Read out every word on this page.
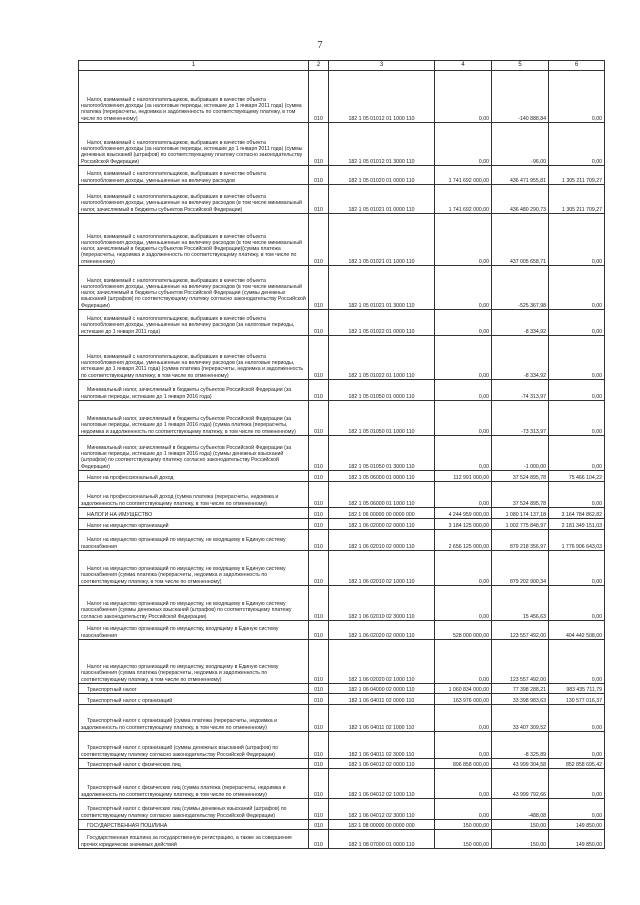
7
1	2	3	4	5	6

Налог, взимаемый с налогоплательщиков, выбравших в качестве объекта налогообложения доходы (за налоговые периоды, истекшие до 1 января 2011 года) (сумма платежа (перерасчеты, недоимка и задолженность по соответствующему платежу, в том числе по отмененному)	010	182 1 05 01012 01 1000 110	0,00	-140 888,84	0,00

Налог, взимаемый с налогоплательщиков, выбравших в качестве объекта налогообложения доходы (за налоговые периоды, истекшие до 1 января 2011 года) (суммы денежных взысканий (штрафов) по соответствующему платежу согласно законодательству Российской Федерации)	010	182 1 05 01012 01 3000 110	0,00	-96,00	0,00

Налог, взимаемый с налогоплательщиков, выбравших в качестве объекта налогообложения доходы, уменьшенные на величину расходов	010	182 1 05 01020 01 0000 110	1 741 692 000,00	436 471 955,81	1 305 211 709,27

Налог, взимаемый с налогоплательщиков, выбравших в качестве объекта налогообложения доходы, уменьшенные на величину расходов (в том числе минимальный налог, зачисляемый в бюджеты субъектов Российской Федерации)	010	182 1 05 01021 01 0000 110	1 741 692 000,00	436 480 290,73	1 305 211 709,27

Налог, взимаемый с налогоплательщиков, выбравших в качестве объекта налогообложения доходы, уменьшенные на величину расходов (в том числе минимальный налог, зачисляемый в бюджеты субъектов Российской Федерации)(сумма платежа (перерасчеты, недоимка и задолженность по соответствующему платежу, в том числе по отмененному)	010	182 1 05 01021 01 1000 110	0,00	437 005 658,71	0,00

Налог, взимаемый с налогоплательщиков, выбравших в качестве объекта налогообложения доходы, уменьшенные на величину расходов (в том числе минимальный налог, зачисляемый в бюджеты субъектов Российской Федерации (суммы денежных взысканий (штрафов) по соответствующему платежу согласно законодательству Российской Федерации)	010	182 1 05 01021 01 3000 110	0,00	-525 367,98	0,00

Налог, взимаемый с налогоплательщиков, выбравших в качестве объекта налогообложения доходы, уменьшенные на величину расходов (за налоговые периоды, истекшие до 1 января 2011 года)	010	182 1 05 01022 01 0000 110	0,00	-8 334,92	0,00

Налог, взимаемый с налогоплательщиков, выбравших в качестве объекта налогообложения доходы, уменьшенные на величину расходов (за налоговые периоды, истекшие до 1 января 2011 года) (сумма платежа (перерасчеты, недоимка и задолженность по соответствующему платежу, в том числе по отмененному)	010	182 1 05 01022 01 1000 110	0,00	-8 334,92	0,00

Минимальный налог, зачисляемый в бюджеты субъектов Российской Федерации (за налоговые периоды, истекшие до 1 января 2016 года)	010	182 1 05 01050 01 0000 110	0,00	-74 313,97	0,00

Минимальный налог, зачисляемый в бюджеты субъектов Российской Федерации (за налоговые периоды, истекшие до 1 января 2016 года) (сумма платежа (перерасчеты, недоимка и задолженность по соответствующему платежу, в том числе по отмененному)	010	182 1 05 01050 01 1000 110	0,00	-73 313,97	0,00

Минимальный налог, зачисляемый в бюджеты субъектов Российской Федерации (за налоговые периоды, истекшие до 1 января 2016 года) (суммы денежных взысканий (штрафов) по соответствующему платежу согласно законодательству Российской Федерации)	010	182 1 05 01050 01 3000 110	0,00	-1 000,00	0,00

Налог на профессиональный доход	010	182 1 05 06000 01 0000 110	112 991 000,00	37 524 895,78	75 466 104,22

Налог на профессиональный доход (сумма платежа (перерасчеты, недоимка и задолженность по соответствующему платежу, в том числе по отмененному)	010	182 1 05 06000 01 1000 110	0,00	37 524 895,78	0,00

НАЛОГИ НА ИМУЩЕСТВО	010	182 1 06 00000 00 0000 000	4 244 959 000,00	1 080 174 137,18	3 164 784 862,82

Налог на имущество организаций	010	182 1 06 02000 02 0000 110	3 184 125 000,00	1 002 775 848,97	2 181 349 151,03

Налог на имущество организаций по имуществу, не входящему в Единую систему газоснабжения	010	182 1 06 02010 02 0000 110	2 656 125 000,00	879 218 356,97	1 776 906 643,03

Налог на имущество организаций по имуществу, не входящему в Единую систему газоснабжения (сумма платежа (перерасчеты, недоимка и задолженность по соответствующему платежу, в том числе по отмененному)	010	182 1 06 02010 02 1000 110	0,00	879 202 900,34	0,00

Налог на имущество организаций по имуществу, не входящему в Единую систему газоснабжения (суммы денежных взысканий (штрафов) по соответствующему платежу согласно законодательству Российской Федерации)	010	182 1 06 02010 02 3000 110	0,00	15 456,63	0,00

Налог на имущество организаций по имуществу, входящему в Единую систему газоснабжения	010	182 1 06 02020 02 0000 110	528 000 000,00	123 557 492,00	404 442 508,00

Налог на имущество организаций по имуществу, входящему в Единую систему газоснабжения (сумма платежа (перерасчеты, недоимка и задолженность по соответствующему платежу, в том числе по отмененному)	010	182 1 06 02020 02 1000 110	0,00	123 557 492,00	0,00

Транспортный налог	010	182 1 06 04000 02 0000 110	1 060 834 000,00	77 398 288,21	983 435 711,79

Транспортный налог с организаций	010	182 1 06 04011 02 0000 110	163 976 000,00	33 398 983,63	130 577 016,37

Транспортный налог с организаций (сумма платежа (перерасчеты, недоимка и задолженность по соответствующему платежу, в том числе по отмененному)	010	182 1 06 04011 02 1000 110	0,00	33 407 309,52	0,00

Транспортный налог с организаций (суммы денежных взысканий (штрафов) по соответствующему платежу согласно законодательству Российской Федерации)	010	182 1 06 04011 02 3000 110	0,00	-8 325,89	0,00

Транспортный налог с физических лиц	010	182 1 06 04012 02 0000 110	896 858 000,00	43 999 304,58	852 858 695,42

Транспортный налог с физических лиц (сумма платежа (перерасчеты, недоимка и задолженность по соответствующему платежу, в том числе по отмененному)	010	182 1 06 04012 02 1000 110	0,00	43 999 792,66	0,00

Транспортный налог с физических лиц (суммы денежных взысканий (штрафов) по соответствующему платежу согласно законодательству Российской Федерации)	010	182 1 06 04012 02 3000 110	0,00	-488,08	0,00

ГОСУДАРСТВЕННАЯ ПОШЛИНА	010	182 1 08 00000 00 0000 000	150 000,00	150,00	149 850,00

Государственная пошлина за государственную регистрацию, а также за совершение прочих юридически значимых действий	010	182 1 08 07000 01 0000 110	150 000,00	150,00	149 850,00
